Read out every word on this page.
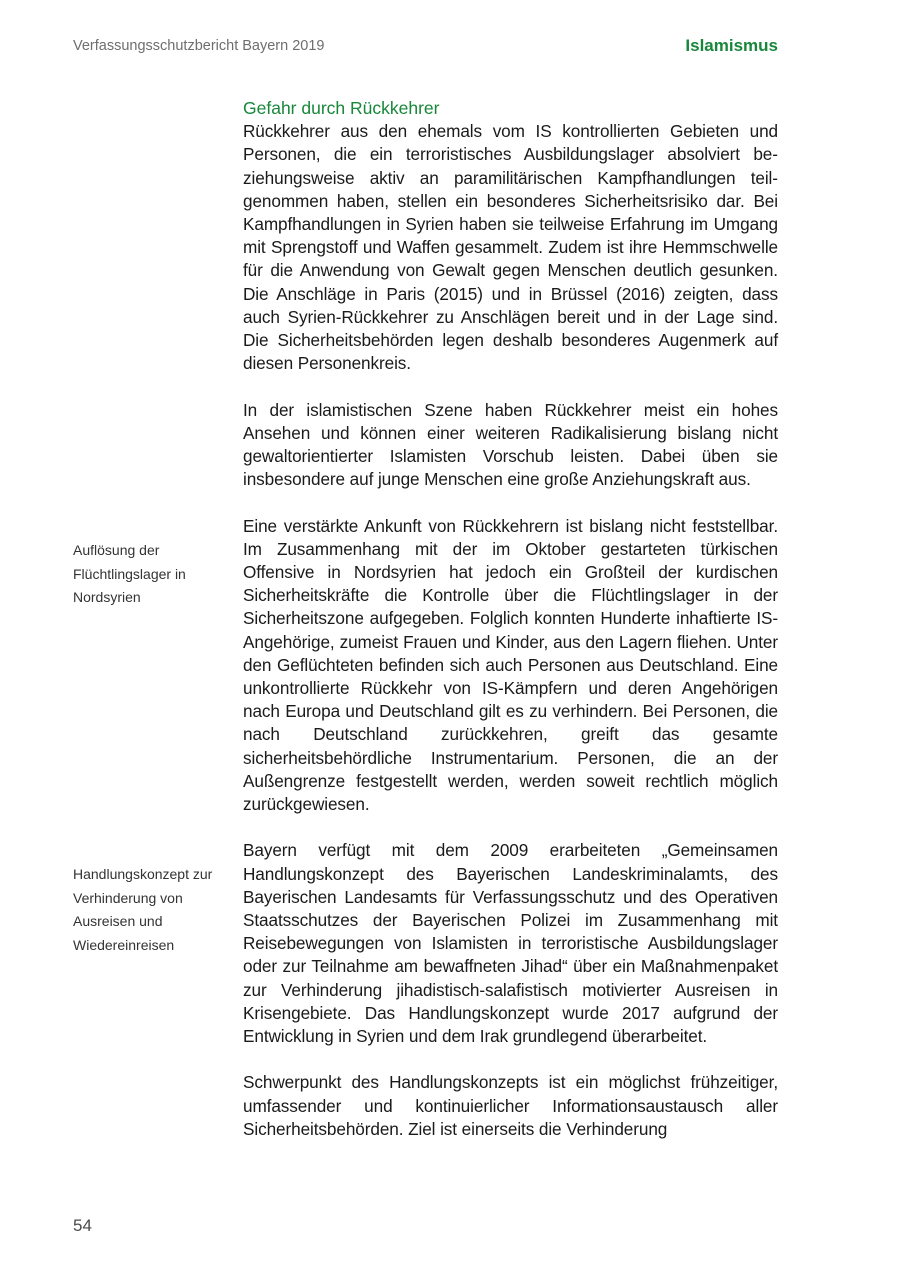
Verfassungsschutzbericht Bayern 2019	Islamismus
Auflösung der Flüchtlingslager in Nordsyrien
Handlungskonzept zur Verhinderung von Ausreisen und Wiedereinreisen
Gefahr durch Rückkehrer

Rückkehrer aus den ehemals vom IS kontrollierten Gebieten und Personen, die ein terroristisches Ausbildungslager absolviert beziehungsweise aktiv an paramilitärischen Kampfhandlungen teilgenommen haben, stellen ein besonderes Sicherheitsrisiko dar. Bei Kampfhandlungen in Syrien haben sie teilweise Erfahrung im Umgang mit Sprengstoff und Waffen gesammelt. Zudem ist ihre Hemmschwelle für die Anwendung von Gewalt gegen Menschen deutlich gesunken. Die Anschläge in Paris (2015) und in Brüssel (2016) zeigten, dass auch Syrien-Rückkehrer zu Anschlägen bereit und in der Lage sind. Die Sicherheitsbehörden legen deshalb besonderes Augenmerk auf diesen Personenkreis.

In der islamistischen Szene haben Rückkehrer meist ein hohes Ansehen und können einer weiteren Radikalisierung bislang nicht gewaltorientierter Islamisten Vorschub leisten. Dabei üben sie insbesondere auf junge Menschen eine große Anziehungskraft aus.

Eine verstärkte Ankunft von Rückkehrern ist bislang nicht feststellbar. Im Zusammenhang mit der im Oktober gestarteten türkischen Offensive in Nordsyrien hat jedoch ein Großteil der kurdischen Sicherheitskräfte die Kontrolle über die Flüchtlingslager in der Sicherheitszone aufgegeben. Folglich konnten Hunderte inhaftierte IS-Angehörige, zumeist Frauen und Kinder, aus den Lagern fliehen. Unter den Geflüchteten befinden sich auch Personen aus Deutschland. Eine unkontrollierte Rückkehr von IS-Kämpfern und deren Angehörigen nach Europa und Deutschland gilt es zu verhindern. Bei Personen, die nach Deutschland zurückkehren, greift das gesamte sicherheitsbehördliche Instrumentarium. Personen, die an der Außengrenze festgestellt werden, werden soweit rechtlich möglich zurückgewiesen.

Bayern verfügt mit dem 2009 erarbeiteten „Gemeinsamen Handlungskonzept des Bayerischen Landeskriminalamts, des Bayerischen Landesamts für Verfassungsschutz und des Operativen Staatsschutzes der Bayerischen Polizei im Zusammenhang mit Reisebewegungen von Islamisten in terroristische Ausbildungslager oder zur Teilnahme am bewaffneten Jihad“ über ein Maßnahmenpaket zur Verhinderung jihadistisch-salafistisch motivierter Ausreisen in Krisengebiete. Das Handlungskonzept wurde 2017 aufgrund der Entwicklung in Syrien und dem Irak grundlegend überarbeitet.

Schwerpunkt des Handlungskonzepts ist ein möglichst frühzeitiger, umfassender und kontinuierlicher Informationsaustausch aller Sicherheitsbehörden. Ziel ist einerseits die Verhinderung

54
